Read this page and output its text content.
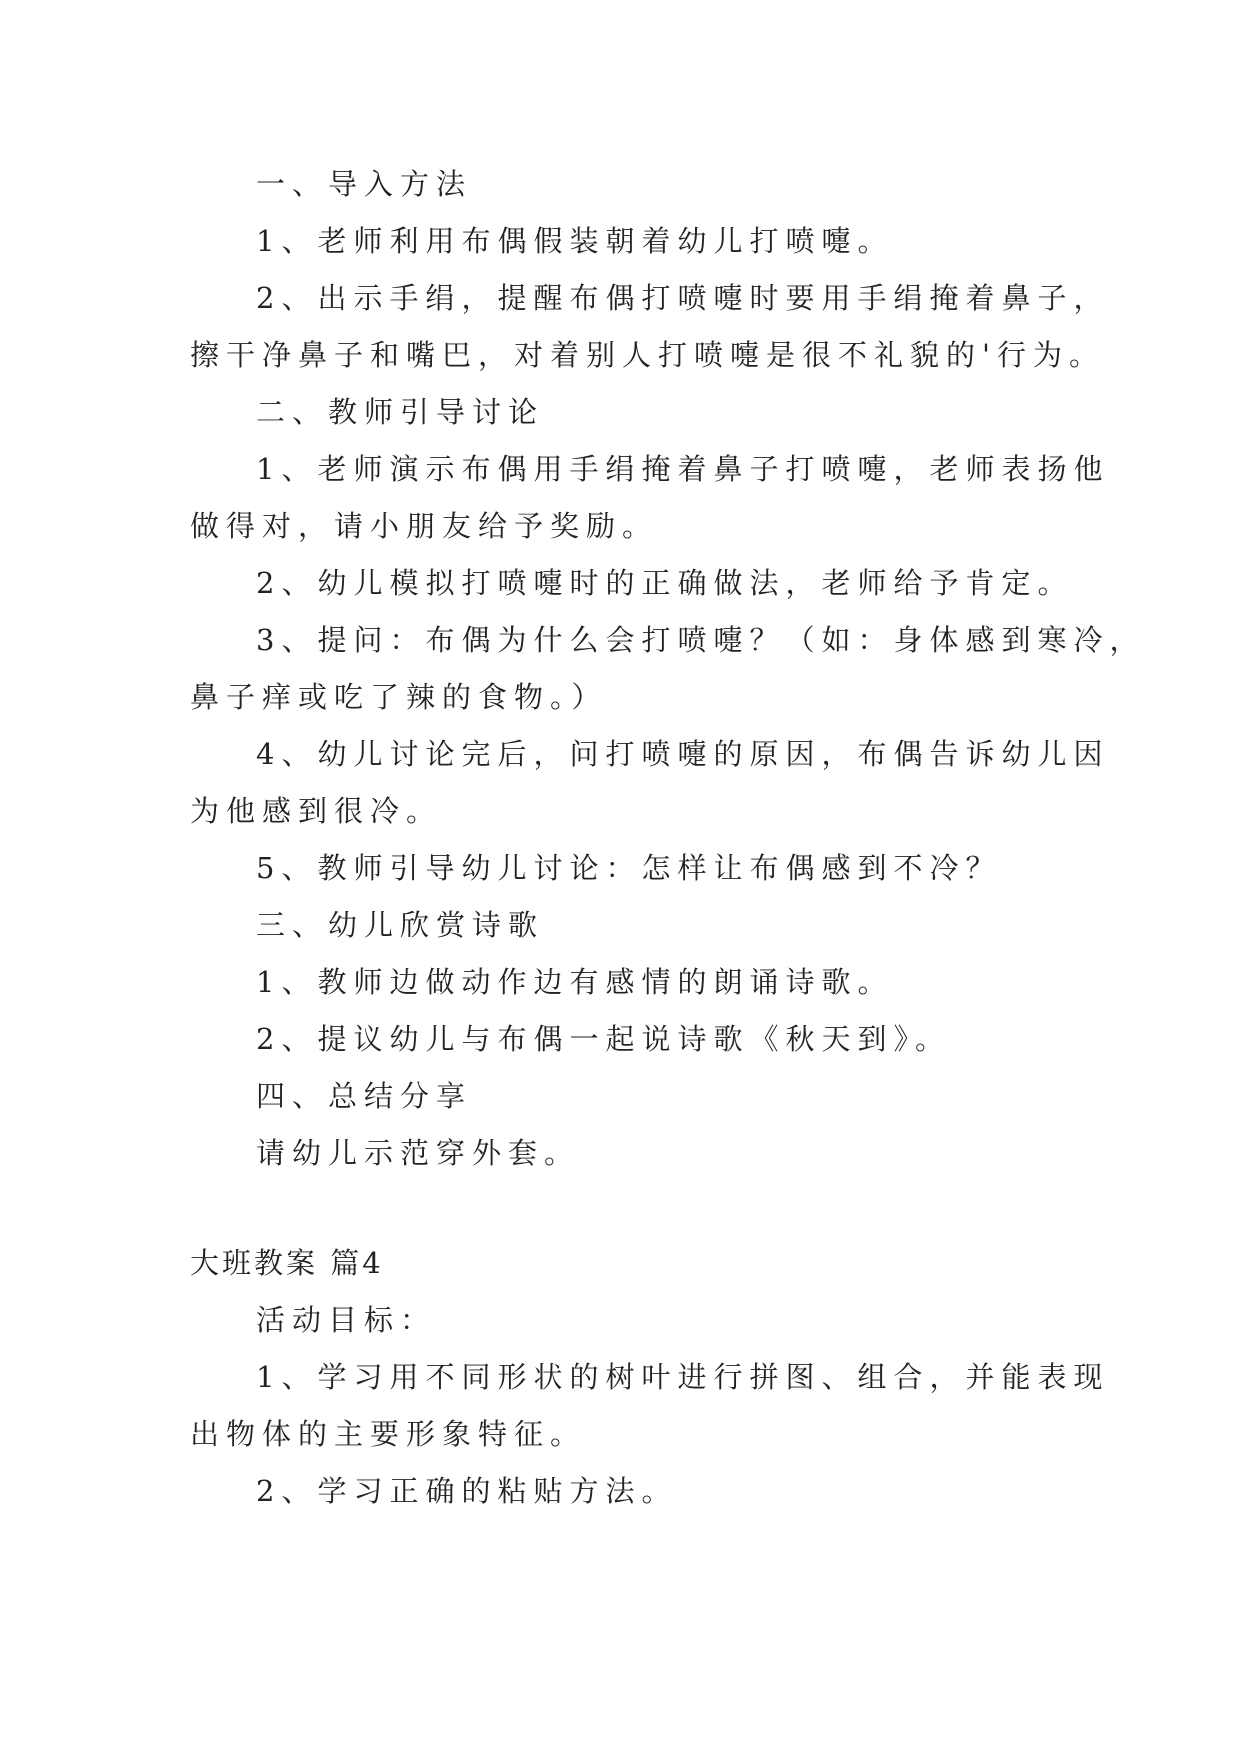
一、导入方法
1、老师利用布偶假装朝着幼儿打喷嚏。
2、出示手绢，提醒布偶打喷嚏时要用手绢掩着鼻子，
擦干净鼻子和嘴巴，对着别人打喷嚏是很不礼貌的'行为。
二、教师引导讨论
1、老师演示布偶用手绢掩着鼻子打喷嚏，老师表扬他
做得对，请小朋友给予奖励。
2、幼儿模拟打喷嚏时的正确做法，老师给予肯定。
3、提问：布偶为什么会打喷嚏？（如：身体感到寒冷，
鼻子痒或吃了辣的食物。）
4、幼儿讨论完后，问打喷嚏的原因，布偶告诉幼儿因
为他感到很冷。
5、教师引导幼儿讨论：怎样让布偶感到不冷？
三、幼儿欣赏诗歌
1、教师边做动作边有感情的朗诵诗歌。
2、提议幼儿与布偶一起说诗歌《秋天到》。
四、总结分享
请幼儿示范穿外套。
大班教案 篇4
活动目标：
1、学习用不同形状的树叶进行拼图、组合，并能表现
出物体的主要形象特征。
2、学习正确的粘贴方法。
